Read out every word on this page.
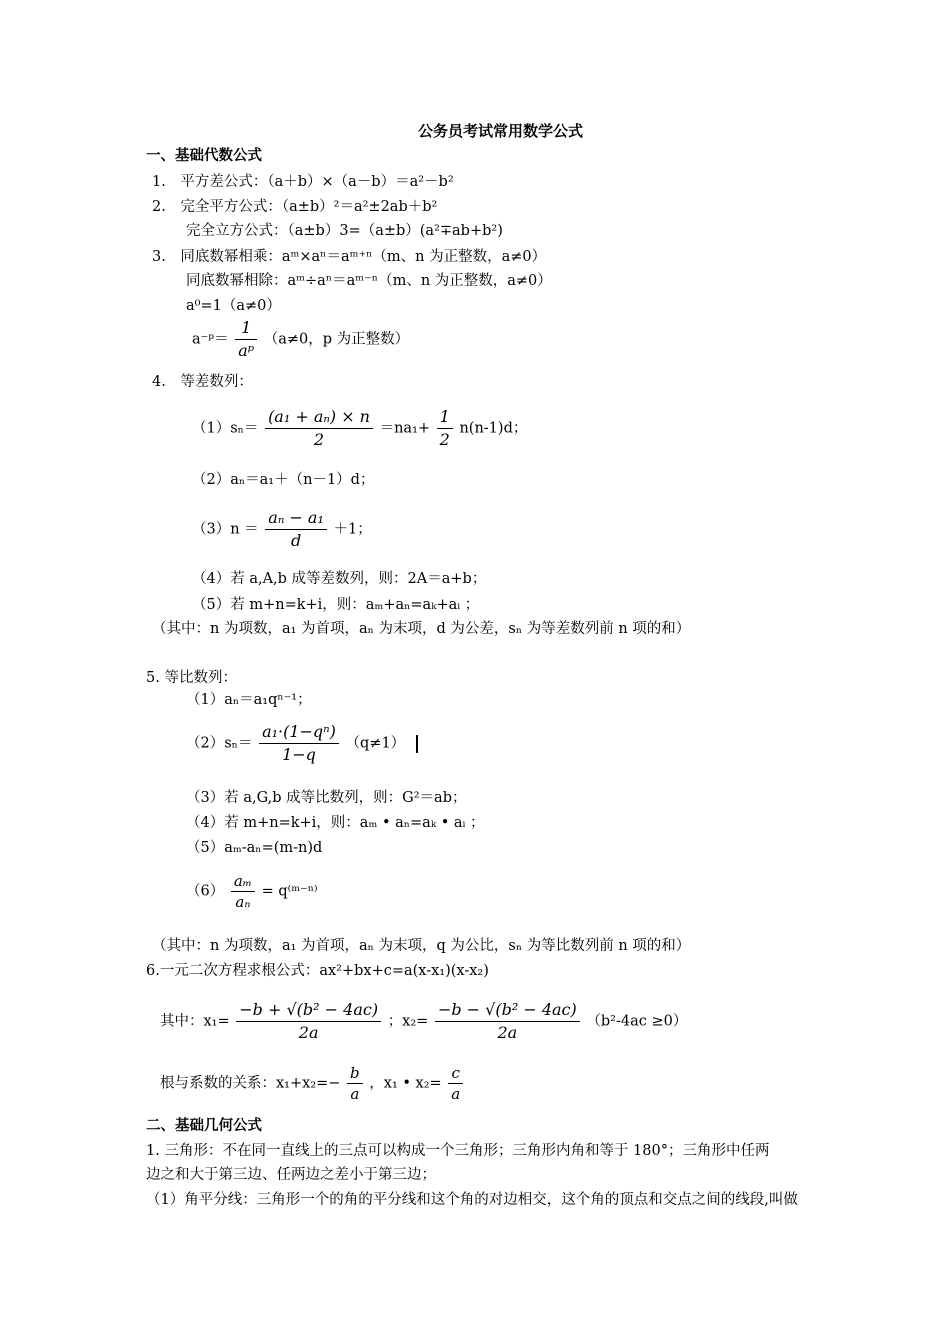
公务员考试常用数学公式
一、基础代数公式
1.　平方差公式：（a＋b）×（a－b）＝a²－b²
2.　完全平方公式：（a±b）²＝a²±2ab＋b²
完全立方公式：（a±b）3=（a±b）(a²∓ab+b²)
3.　同底数幂相乘：aᵐ×aⁿ＝aᵐ⁺ⁿ（m、n 为正整数，a≠0）
同底数幂相除：aᵐ÷aⁿ＝aᵐ⁻ⁿ（m、n 为正整数，a≠0）
a⁰=1（a≠0）
a⁻ᵖ＝ $\frac{1}{\text{aᵖ}} (a\ne 0$，p 为正整数）
4.　等差数列：
$(1)s_n= \frac{\text{(a₁ + aₙ) × n}}{2} =na_1+ \frac{1}{2} n(n-1)d$；
（2）aₙ＝a₁＋（n－1）d；
$(3)n = \frac{\text{aₙ − a₁}}{d} +1$；
（4）若 a,A,b 成等差数列，则：2A＝a+b；
（5）若 m+n=k+i，则：aₘ+aₙ=aₖ+aᵢ ；
（其中：n 为项数，a₁ 为首项，aₙ 为末项，d 为公差，sₙ 为等差数列前 n 项的和）
5. 等比数列：
（1）aₙ＝a₁qⁿ⁻¹；
$(2)s_n= \frac{\text{a₁·(1−qⁿ)}}{1-q} (q\ne 1)$
（3）若 a,G,b 成等比数列，则：G²＝ab；
（4）若 m+n=k+i，则：aₘ • aₙ=aₖ • aᵢ ；
（5）aₘ-aₙ=(m-n)d
$(6) \frac{\text{aₘ}}{\text{aₙ}}$ = q⁽ᵐ⁻ⁿ⁾
（其中：n 为项数，a₁ 为首项，aₙ 为末项，q 为公比，sₙ 为等比数列前 n 项的和）
6.一元二次方程求根公式：ax²+bx+c=a(x-x₁)(x-x₂)
其中：$x_1= \frac{\text{−b + √(b² − 4ac)}}{2a}$ ；$x_2= \frac{\text{−b − √(b² − 4ac)}}{2a} (b^2-4ac \ge 0)$
根与系数的关系：$x_1+x_2=- \frac{b}{a}$ ，x₁ • $x_2= \frac{c}{a}$
二、基础几何公式
1. 三角形：不在同一直线上的三点可以构成一个三角形；三角形内角和等于 180°；三角形中任两
边之和大于第三边、任两边之差小于第三边；
（1）角平分线：三角形一个的角的平分线和这个角的对边相交，这个角的顶点和交点之间的线段,叫做
